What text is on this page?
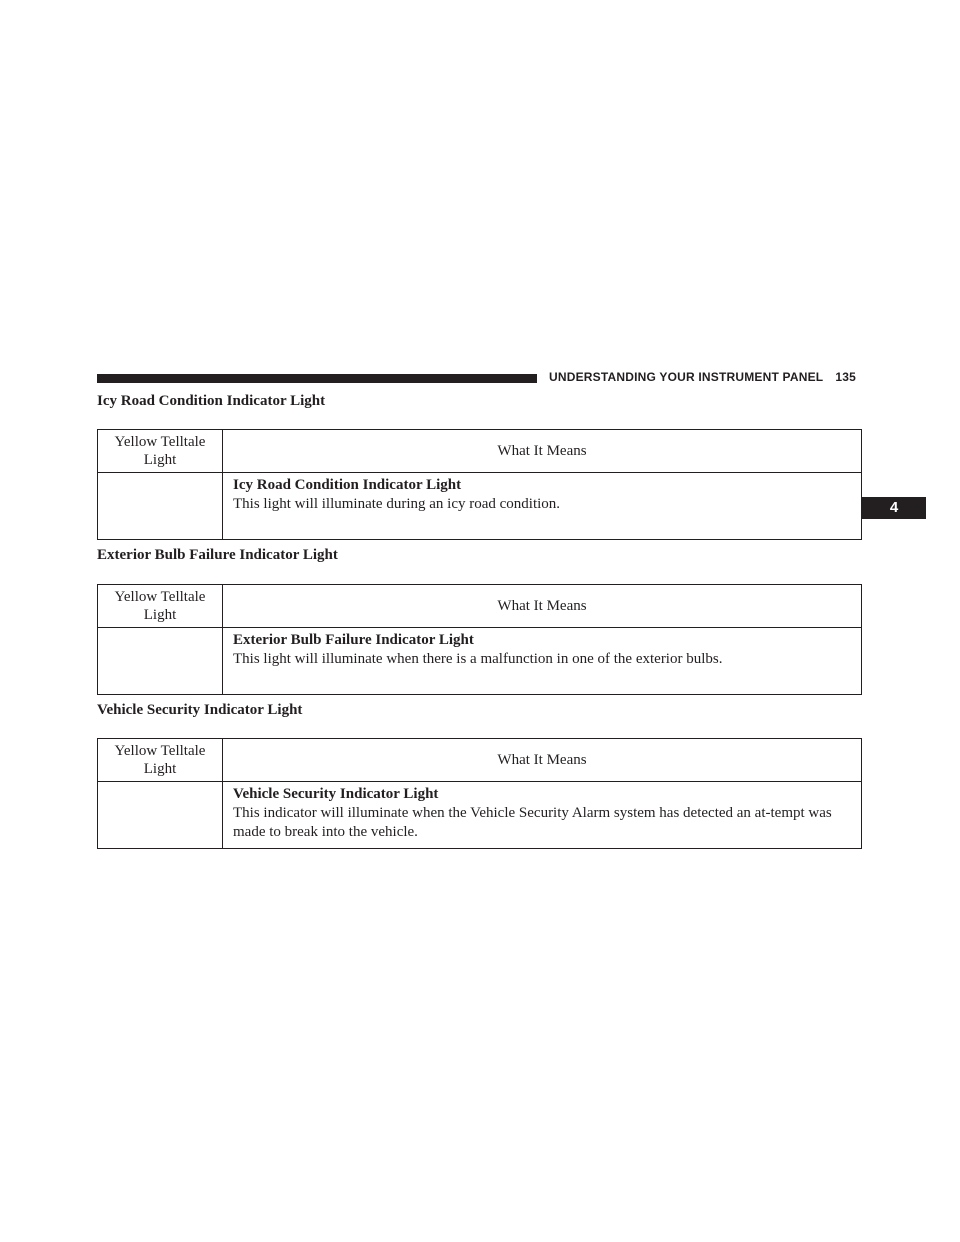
UNDERSTANDING YOUR INSTRUMENT PANEL 135
4
Icy Road Condition Indicator Light
Yellow Telltale Light	What It Means

	Icy Road Condition Indicator Light
This light will illuminate during an icy road condition.
Exterior Bulb Failure Indicator Light
Yellow Telltale Light	What It Means

	Exterior Bulb Failure Indicator Light
This light will illuminate when there is a malfunction in one of the exterior bulbs.
Vehicle Security Indicator Light
Yellow Telltale Light	What It Means

	Vehicle Security Indicator Light
This indicator will illuminate when the Vehicle Security Alarm system has detected an at-tempt was made to break into the vehicle.
